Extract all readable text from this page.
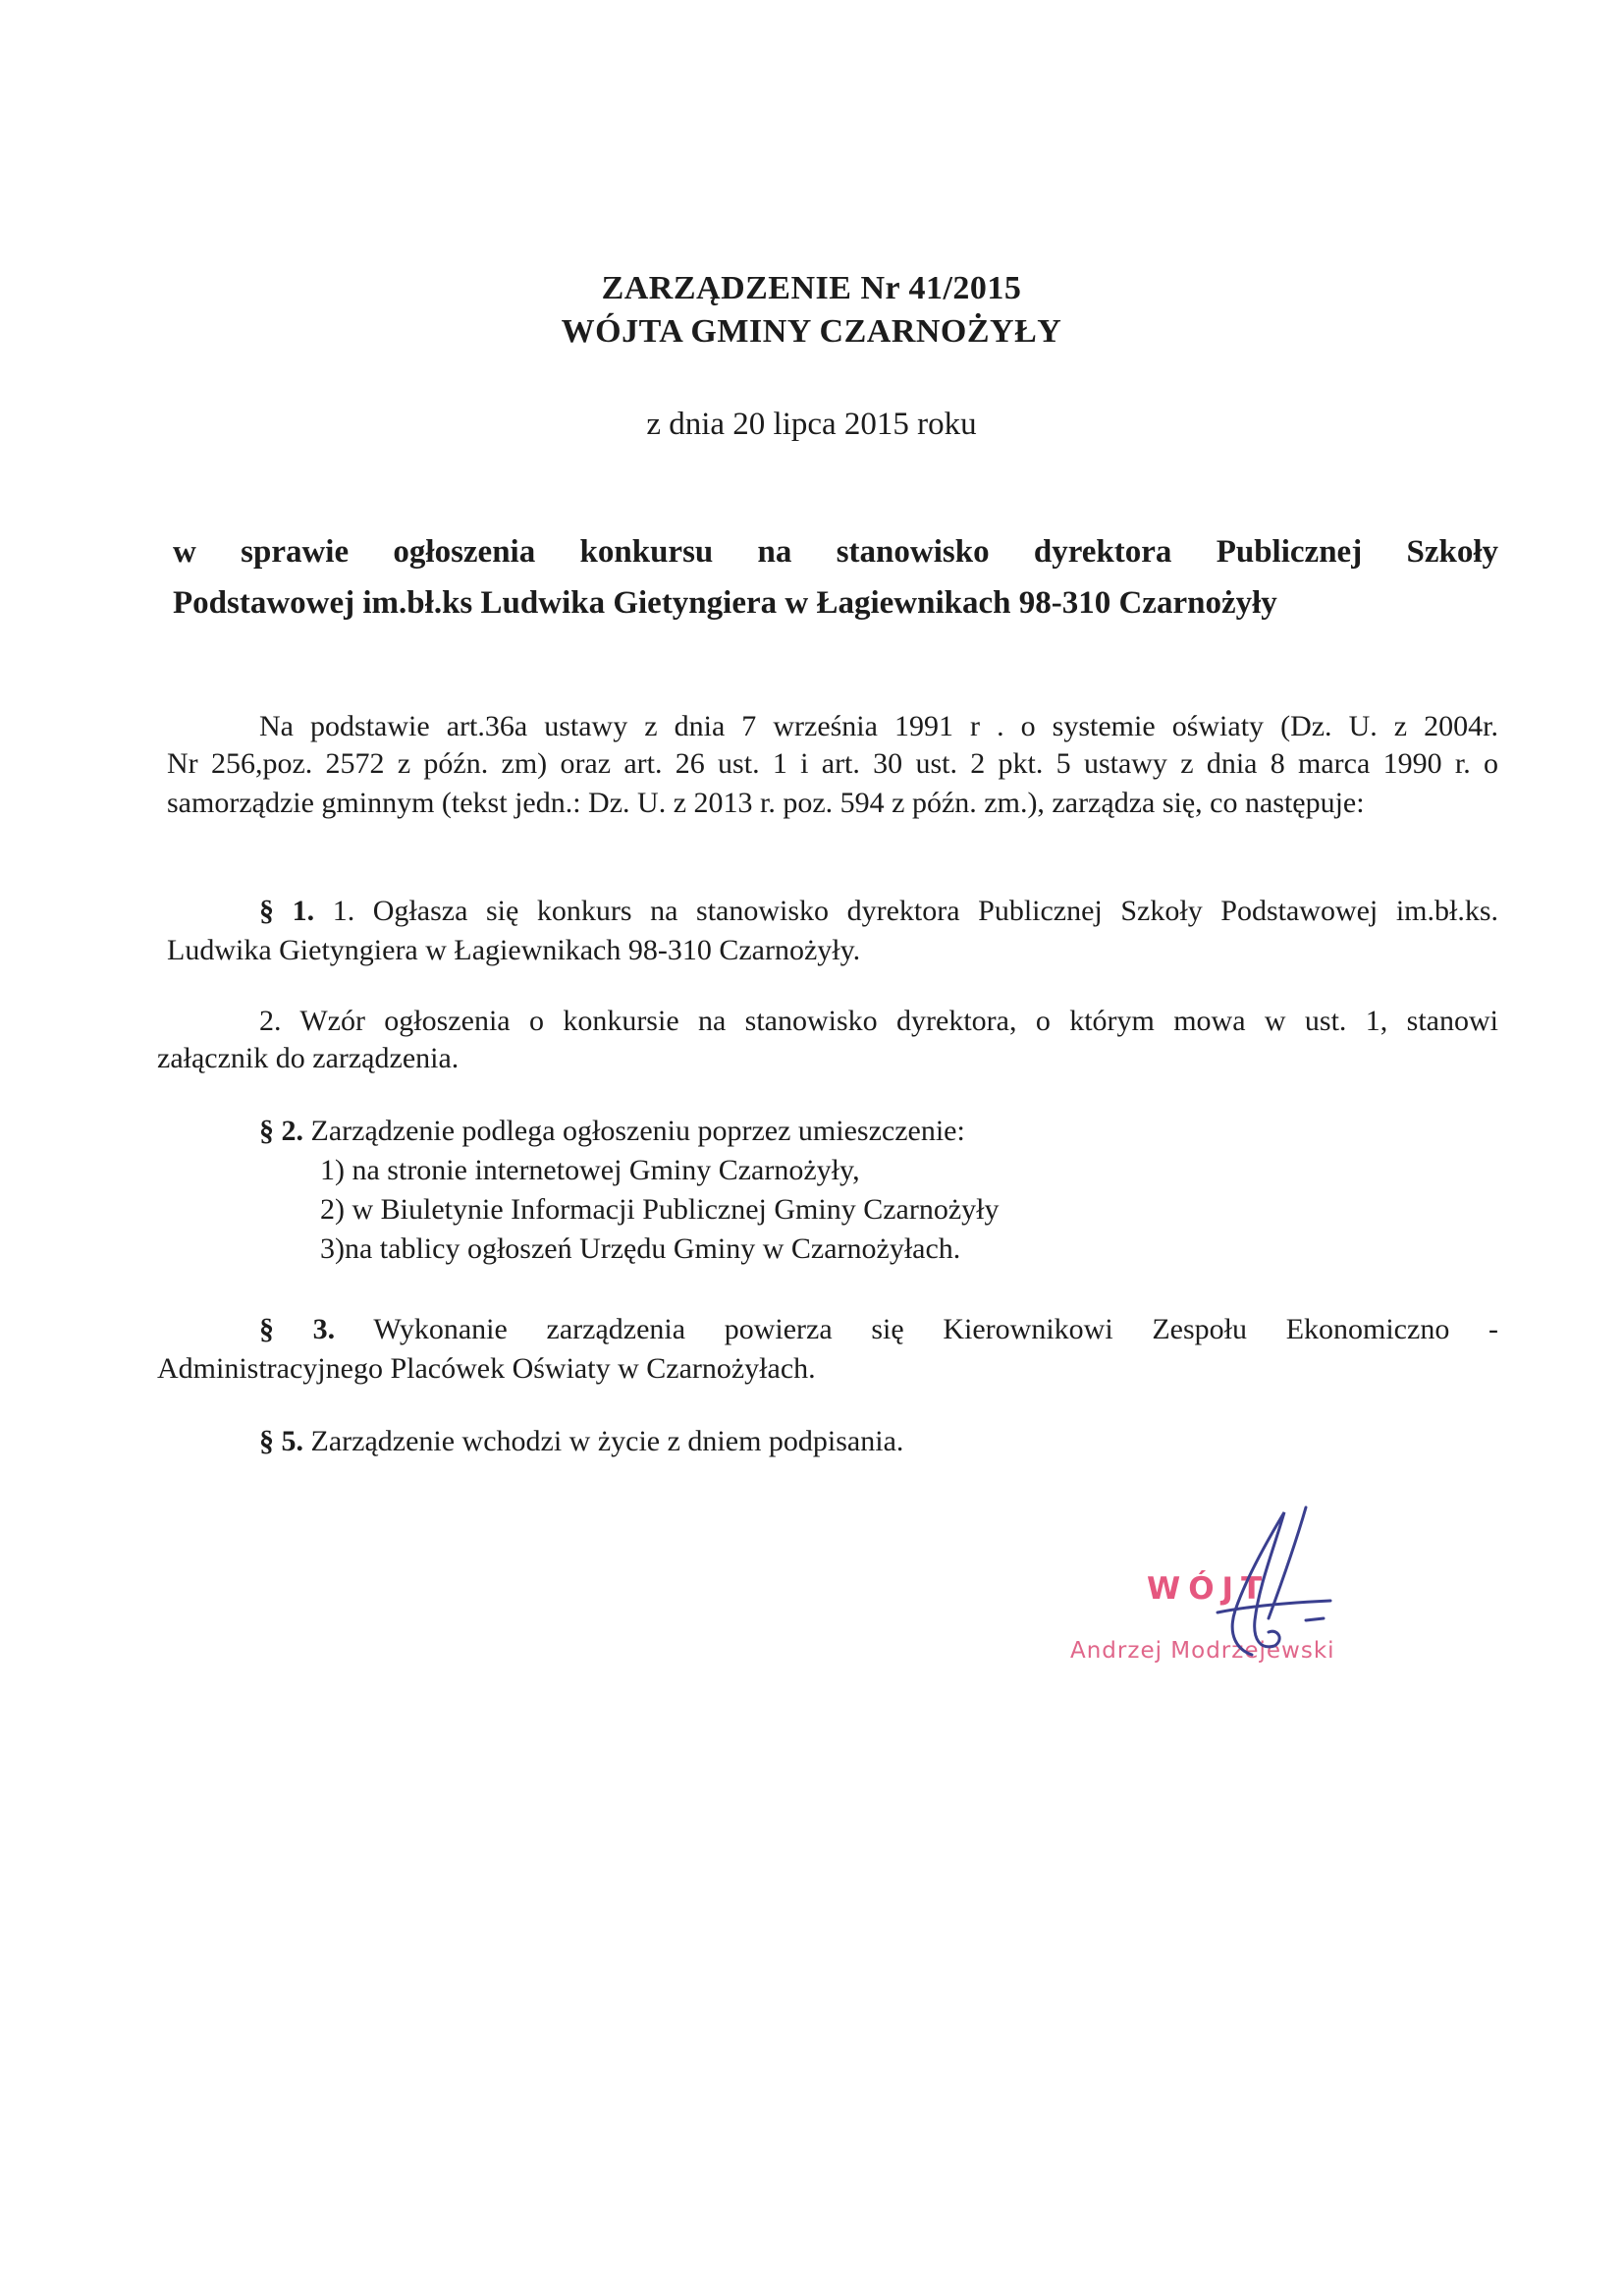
ZARZĄDZENIE Nr 41/2015
WÓJTA GMINY CZARNOŻYŁY
z dnia 20 lipca 2015 roku
w sprawie ogłoszenia konkursu na stanowisko dyrektora Publicznej Szkoły
Podstawowej im.bł.ks Ludwika Gietyngiera w Łagiewnikach 98-310 Czarnożyły
Na podstawie art.36a ustawy z dnia 7 września 1991 r . o systemie oświaty (Dz. U. z 2004r.
Nr 256,poz. 2572 z późn. zm) oraz art. 26 ust. 1 i art. 30 ust. 2 pkt. 5 ustawy z dnia 8 marca 1990 r. o
samorządzie gminnym (tekst jedn.: Dz. U. z 2013 r. poz. 594 z późn. zm.), zarządza się, co następuje:
§ 1. 1. Ogłasza się konkurs na stanowisko dyrektora Publicznej Szkoły Podstawowej im.bł.ks.
Ludwika Gietyngiera w Łagiewnikach 98-310 Czarnożyły.
2. Wzór ogłoszenia o konkursie na stanowisko dyrektora, o którym mowa w ust. 1, stanowi
załącznik do zarządzenia.
§ 2. Zarządzenie podlega ogłoszeniu poprzez umieszczenie:
1) na stronie internetowej Gminy Czarnożyły,
2) w Biuletynie Informacji Publicznej Gminy Czarnożyły
3)na tablicy ogłoszeń Urzędu Gminy w Czarnożyłach.
§ 3. Wykonanie zarządzenia powierza się Kierownikowi Zespołu Ekonomiczno -
Administracyjnego Placówek Oświaty w Czarnożyłach.
§ 5. Zarządzenie wchodzi w życie z dniem podpisania.
WÓJT
Andrzej Modrzejewski
